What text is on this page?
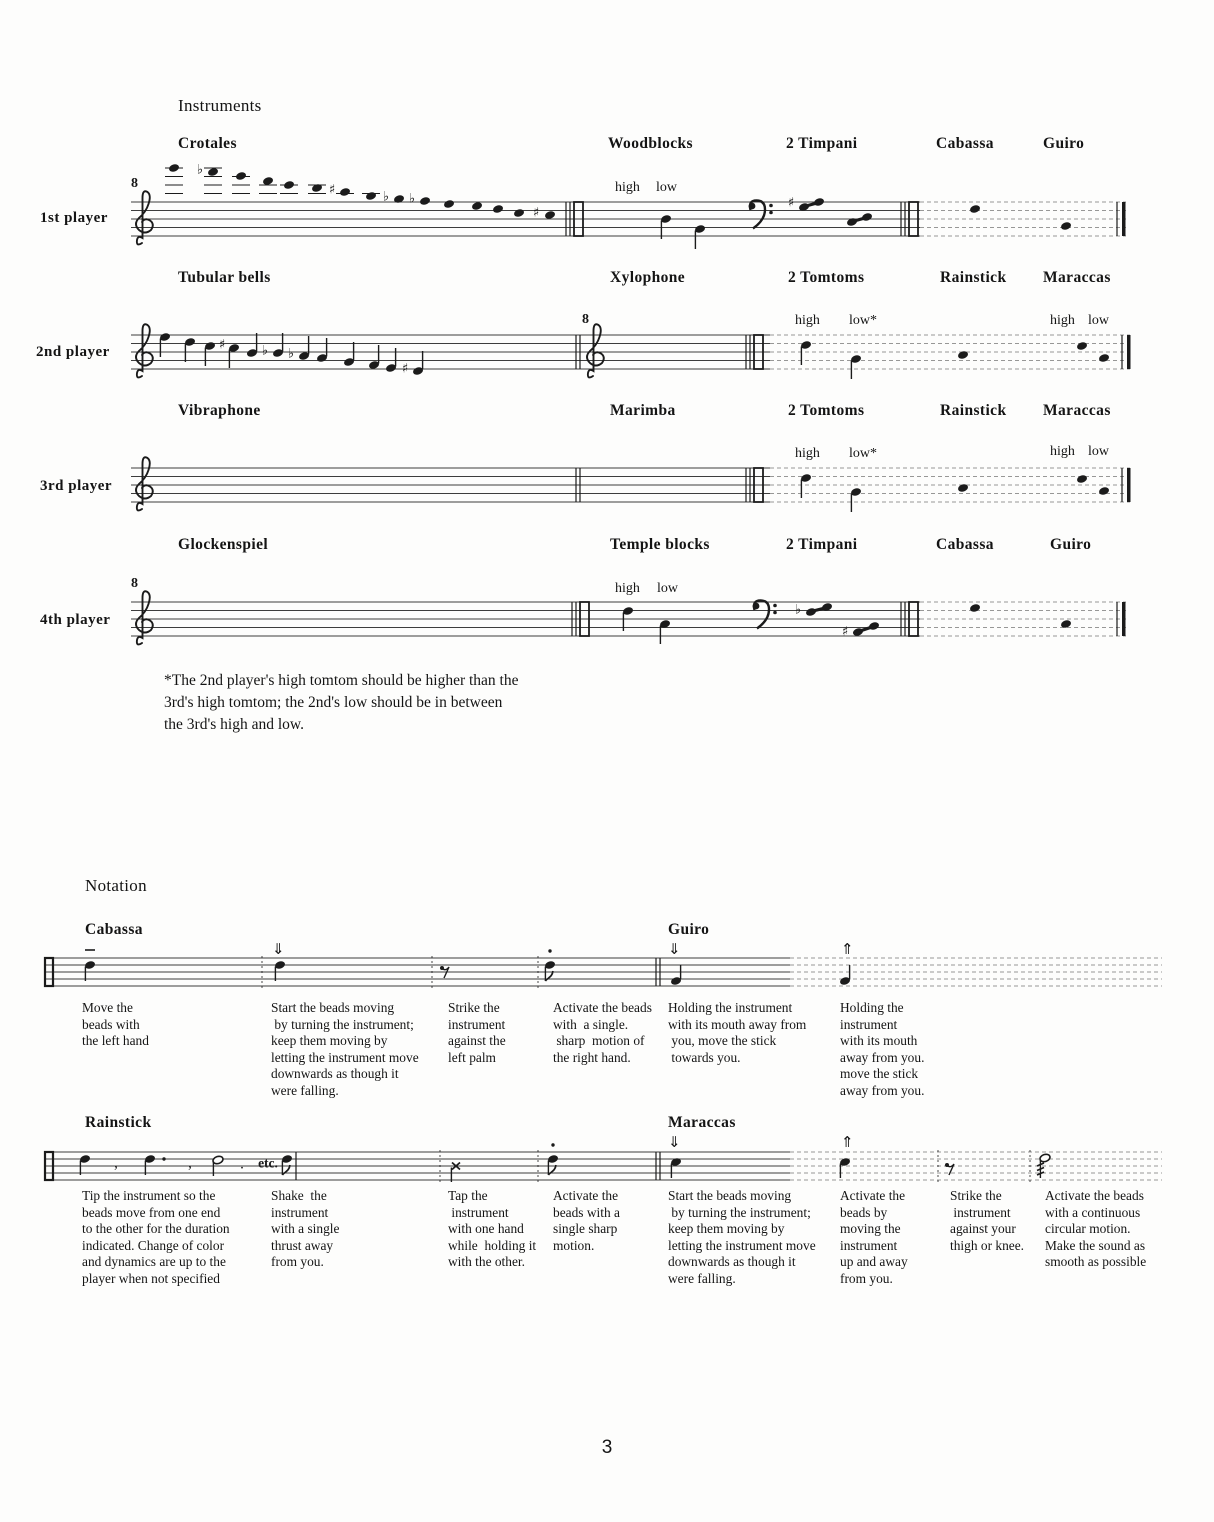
♭
♯	♭ ♭
♯
♯
♯	♭ ♭
♯
♭
♯
,	,	. etc.
Instruments
Notation
3
1st player
Crotales	Woodblocks	2 Timpani	Cabassa	Guiro
high low
8
2nd player
Tubular bells	Xylophone	2 Tomtoms	Rainstick Maraccas
high low*	high low
8
3rd player
Vibraphone	Marimba	2 Tomtoms	Rainstick Maraccas
high low*	high low
4th player
Glockenspiel	Temple blocks	2 Timpani	Cabassa	Guiro
high low
8
Cabassa	Guiro
⇓	⇓	⇑
Rainstick	Maraccas
⇓	⇑
*The 2nd player's high tomtom should be higher than the
3rd's high tomtom; the 2nd's low should be in between
the 3rd's high and low.
Move the
beads with
the left hand
Start the beads moving
by turning the instrument;
keep them moving by
letting the instrument move
downwards as though it
were falling.
Strike the
instrument
against the
left palm
Activate the beads
with  a single.
sharp  motion of
the right hand.
Holding the instrument
with its mouth away from
you, move the stick
towards you.
Holding the
instrument
with its mouth
away from you.
move the stick
away from you.
Tip the instrument so the
beads move from one end
to the other for the duration
indicated. Change of color
and dynamics are up to the
player when not specified
Shake  the
instrument
with a single
thrust away
from you.
Tap the
instrument
with one hand
while  holding it
with the other.
Activate the
beads with a
single sharp
motion.
Start the beads moving
by turning the instrument;
keep them moving by
letting the instrument move
downwards as though it
were falling.
Activate the
beads by
moving the
instrument
up and away
from you.
Strike the
instrument
against your
thigh or knee.
Activate the beads
with a continuous
circular motion.
Make the sound as
smooth as possible
